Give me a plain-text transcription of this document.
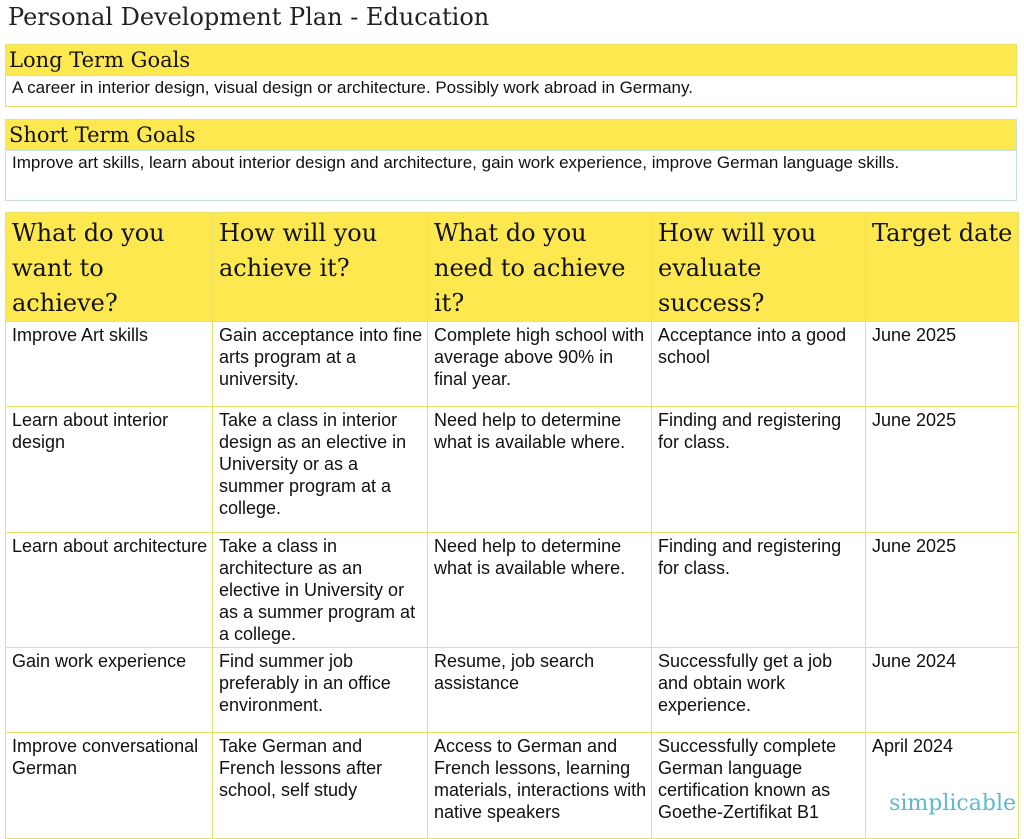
Personal Development Plan - Education
Long Term Goals
A career in interior design, visual design or architecture. Possibly work abroad in Germany.
Short Term Goals
Improve art skills, learn about interior design and architecture, gain work experience, improve German language skills.
What do you want to achieve?	How will you achieve it?	What do you need to achieve it?	How will you evaluate success?	Target date
Improve Art skills	Gain acceptance into fine arts program at a university.	Complete high school with average above 90% in final year.	Acceptance into a good school	June 2025
Learn about interior design	Take a class in interior design as an elective in University or as a summer program at a college.	Need help to determine what is available where.	Finding and registering for class.	June 2025
Learn about architecture	Take a class in architecture as an elective in University or as a summer program at a college.	Need help to determine what is available where.	Finding and registering for class.	June 2025
Gain work experience	Find summer job preferably in an office environment.	Resume, job search assistance	Successfully get a job and obtain work experience.	June 2024
Improve conversational German	Take German and French lessons after school, self study	Access to German and French lessons, learning materials, interactions with native speakers	Successfully complete German language certification known as Goethe-Zertifikat B1	April 2024
simplicable
